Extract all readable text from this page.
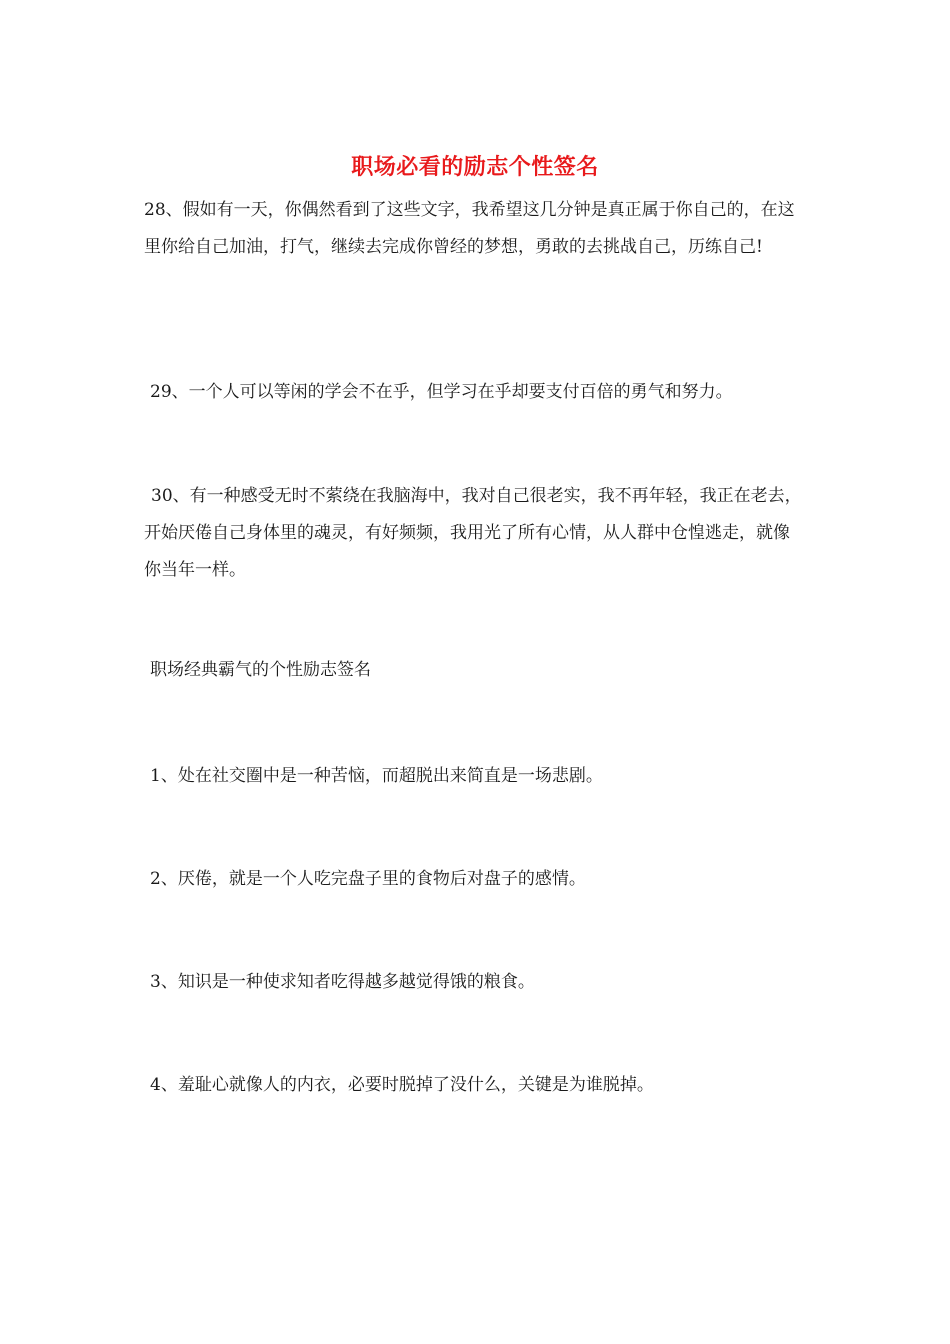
职场必看的励志个性签名
28、假如有一天，你偶然看到了这些文字，我希望这几分钟是真正属于你自己的，在这里你给自己加油，打气，继续去完成你曾经的梦想，勇敢的去挑战自己，历练自己!
29、一个人可以等闲的学会不在乎，但学习在乎却要支付百倍的勇气和努力。
30、有一种感受无时不萦绕在我脑海中，我对自己很老实，我不再年轻，我正在老去，开始厌倦自己身体里的魂灵，有好频频，我用光了所有心情，从人群中仓惶逃走，就像你当年一样。
职场经典霸气的个性励志签名
1、处在社交圈中是一种苦恼，而超脱出来简直是一场悲剧。
2、厌倦，就是一个人吃完盘子里的食物后对盘子的感情。
3、知识是一种使求知者吃得越多越觉得饿的粮食。
4、羞耻心就像人的内衣，必要时脱掉了没什么，关键是为谁脱掉。
